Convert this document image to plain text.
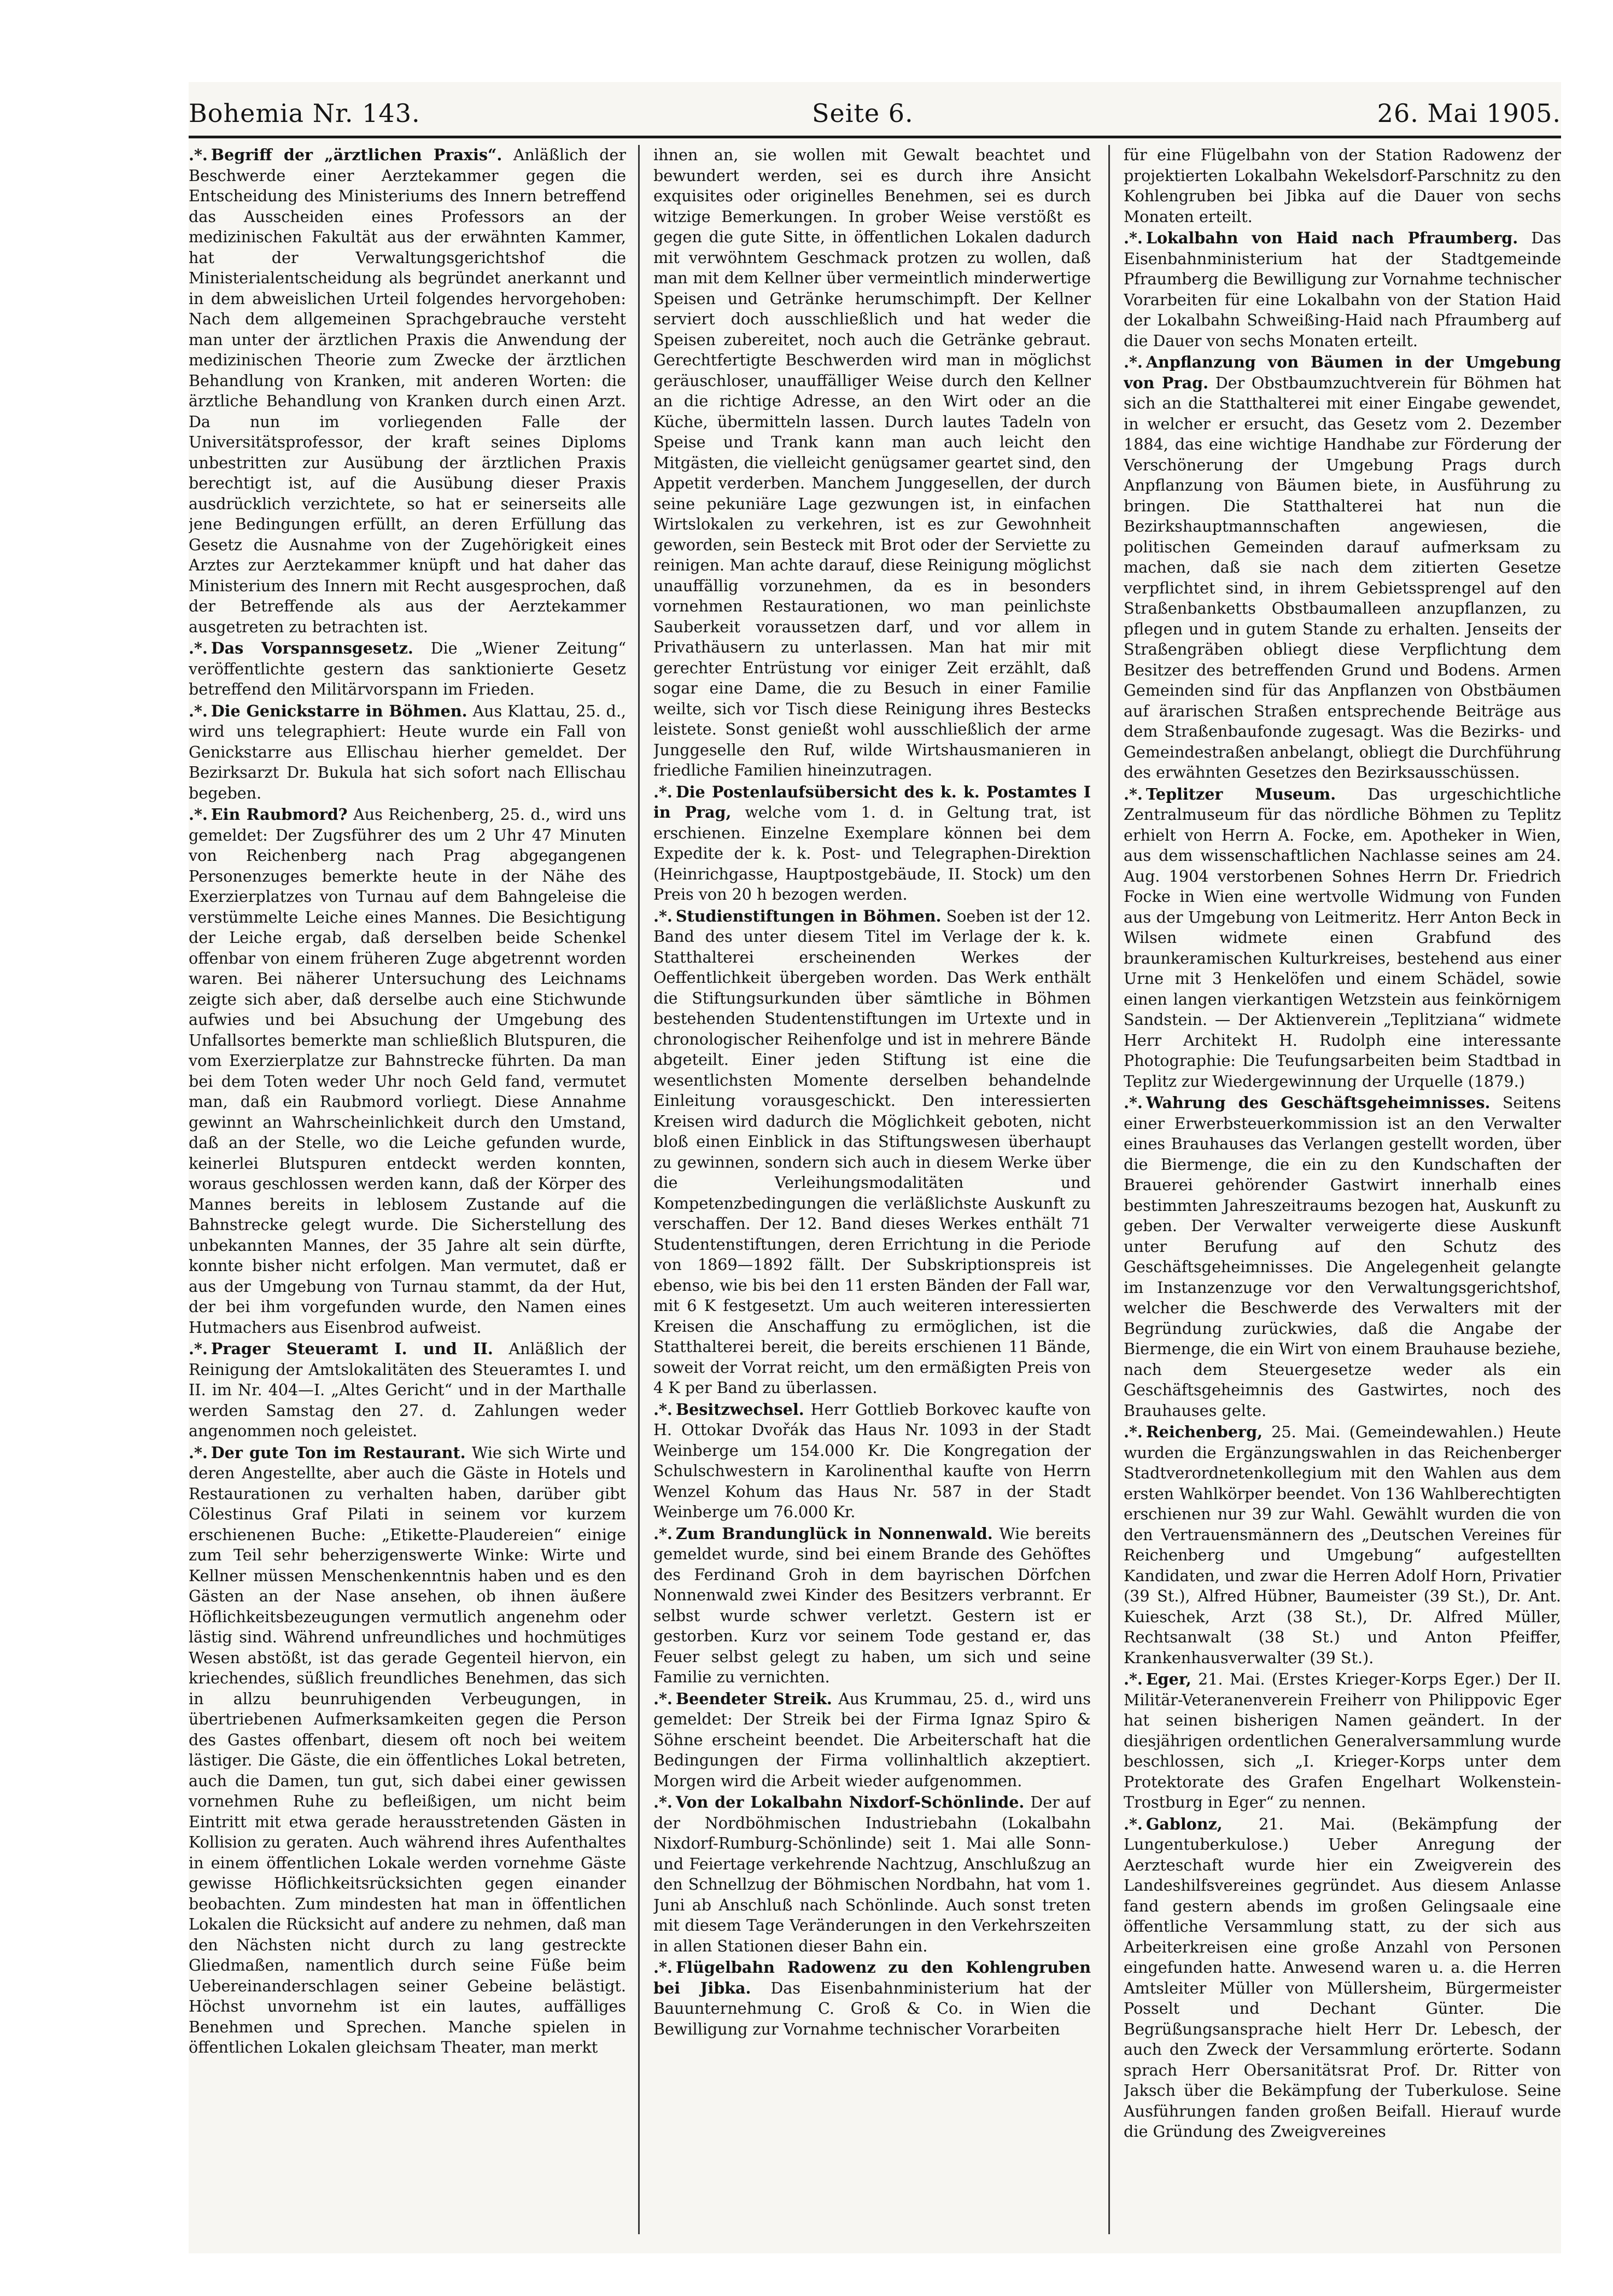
Bohemia Nr. 143.	Seite 6.	26. Mai 1905.

.*. Begriff der „ärztlichen Praxis“. Anläßlich der Beschwerde einer Aerztekammer gegen die Entscheidung des Ministeriums des Innern betreffend das Ausscheiden eines Professors an der medizinischen Fakultät aus der erwähnten Kammer, hat der Verwaltungsgerichtshof die Ministerialentscheidung als begründet anerkannt und in dem abweislichen Urteil folgendes hervorgehoben: Nach dem allgemeinen Sprachgebrauche versteht man unter der ärztlichen Praxis die Anwendung der medizinischen Theorie zum Zwecke der ärztlichen Behandlung von Kranken, mit anderen Worten: die ärztliche Behandlung von Kranken durch einen Arzt. Da nun im vorliegenden Falle der Universitätsprofessor, der kraft seines Diploms unbestritten zur Ausübung der ärztlichen Praxis berechtigt ist, auf die Ausübung dieser Praxis ausdrücklich verzichtete, so hat er seinerseits alle jene Bedingungen erfüllt, an deren Erfüllung das Gesetz die Ausnahme von der Zugehörigkeit eines Arztes zur Aerztekammer knüpft und hat daher das Ministerium des Innern mit Recht ausgesprochen, daß der Betreffende als aus der Aerztekammer ausgetreten zu betrachten ist.

.*. Das Vorspannsgesetz. Die „Wiener Zeitung“ veröffentlichte gestern das sanktionierte Gesetz betreffend den Militärvorspann im Frieden.

.*. Die Genickstarre in Böhmen. Aus Klattau, 25. d., wird uns telegraphiert: Heute wurde ein Fall von Genickstarre aus Ellischau hierher gemeldet. Der Bezirksarzt Dr. Bukula hat sich sofort nach Ellischau begeben.

.*. Ein Raubmord? Aus Reichenberg, 25. d., wird uns gemeldet: Der Zugsführer des um 2 Uhr 47 Minuten von Reichenberg nach Prag abgegangenen Personenzuges bemerkte heute in der Nähe des Exerzierplatzes von Turnau auf dem Bahngeleise die verstümmelte Leiche eines Mannes. Die Besichtigung der Leiche ergab, daß derselben beide Schenkel offenbar von einem früheren Zuge abgetrennt worden waren. Bei näherer Untersuchung des Leichnams zeigte sich aber, daß derselbe auch eine Stichwunde aufwies und bei Absuchung der Umgebung des Unfallsortes bemerkte man schließlich Blutspuren, die vom Exerzierplatze zur Bahnstrecke führten. Da man bei dem Toten weder Uhr noch Geld fand, vermutet man, daß ein Raubmord vorliegt. Diese Annahme gewinnt an Wahrscheinlichkeit durch den Umstand, daß an der Stelle, wo die Leiche gefunden wurde, keinerlei Blutspuren entdeckt werden konnten, woraus geschlossen werden kann, daß der Körper des Mannes bereits in leblosem Zustande auf die Bahnstrecke gelegt wurde. Die Sicherstellung des unbekannten Mannes, der 35 Jahre alt sein dürfte, konnte bisher nicht erfolgen. Man vermutet, daß er aus der Umgebung von Turnau stammt, da der Hut, der bei ihm vorgefunden wurde, den Namen eines Hutmachers aus Eisenbrod aufweist.

.*. Prager Steueramt I. und II. Anläßlich der Reinigung der Amtslokalitäten des Steueramtes I. und II. im Nr. 404—I. „Altes Gericht“ und in der Marthalle werden Samstag den 27. d. Zahlungen weder angenommen noch geleistet.

.*. Der gute Ton im Restaurant. Wie sich Wirte und deren Angestellte, aber auch die Gäste in Hotels und Restaurationen zu verhalten haben, darüber gibt Cölestinus Graf Pilati in seinem vor kurzem erschienenen Buche: „Etikette-Plaudereien“ einige zum Teil sehr beherzigenswerte Winke: Wirte und Kellner müssen Menschenkenntnis haben und es den Gästen an der Nase ansehen, ob ihnen äußere Höflichkeitsbezeugungen vermutlich angenehm oder lästig sind. Während unfreundliches und hochmütiges Wesen abstößt, ist das gerade Gegenteil hiervon, ein kriechendes, süßlich freundliches Benehmen, das sich in allzu beunruhigenden Verbeugungen, in übertriebenen Aufmerksamkeiten gegen die Person des Gastes offenbart, diesem oft noch bei weitem lästiger. Die Gäste, die ein öffentliches Lokal betreten, auch die Damen, tun gut, sich dabei einer gewissen vornehmen Ruhe zu befleißigen, um nicht beim Eintritt mit etwa gerade herausstretenden Gästen in Kollision zu geraten. Auch während ihres Aufenthaltes in einem öffentlichen Lokale werden vornehme Gäste gewisse Höflichkeitsrücksichten gegen einander beobachten. Zum mindesten hat man in öffentlichen Lokalen die Rücksicht auf andere zu nehmen, daß man den Nächsten nicht durch zu lang gestreckte Gliedmaßen, namentlich durch seine Füße beim Uebereinanderschlagen seiner Gebeine belästigt. Höchst unvornehm ist ein lautes, auffälliges Benehmen und Sprechen. Manche spielen in öffentlichen Lokalen gleichsam Theater, man merkt

ihnen an, sie wollen mit Gewalt beachtet und bewundert werden, sei es durch ihre Ansicht exquisites oder originelles Benehmen, sei es durch witzige Bemerkungen. In grober Weise verstößt es gegen die gute Sitte, in öffentlichen Lokalen dadurch mit verwöhntem Geschmack protzen zu wollen, daß man mit dem Kellner über vermeintlich minderwertige Speisen und Getränke herumschimpft. Der Kellner serviert doch ausschließlich und hat weder die Speisen zubereitet, noch auch die Getränke gebraut. Gerechtfertigte Beschwerden wird man in möglichst geräuschloser, unauffälliger Weise durch den Kellner an die richtige Adresse, an den Wirt oder an die Küche, übermitteln lassen. Durch lautes Tadeln von Speise und Trank kann man auch leicht den Mitgästen, die vielleicht genügsamer geartet sind, den Appetit verderben. Manchem Junggesellen, der durch seine pekuniäre Lage gezwungen ist, in einfachen Wirtslokalen zu verkehren, ist es zur Gewohnheit geworden, sein Besteck mit Brot oder der Serviette zu reinigen. Man achte darauf, diese Reinigung möglichst unauffällig vorzunehmen, da es in besonders vornehmen Restaurationen, wo man peinlichste Sauberkeit voraussetzen darf, und vor allem in Privathäusern zu unterlassen. Man hat mir mit gerechter Entrüstung vor einiger Zeit erzählt, daß sogar eine Dame, die zu Besuch in einer Familie weilte, sich vor Tisch diese Reinigung ihres Bestecks leistete. Sonst genießt wohl ausschließlich der arme Junggeselle den Ruf, wilde Wirtshausmanieren in friedliche Familien hineinzutragen.

.*. Die Postenlaufsübersicht des k. k. Postamtes I in Prag, welche vom 1. d. in Geltung trat, ist erschienen. Einzelne Exemplare können bei dem Expedite der k. k. Post- und Telegraphen-Direktion (Heinrichgasse, Hauptpostgebäude, II. Stock) um den Preis von 20 h bezogen werden.

.*. Studienstiftungen in Böhmen. Soeben ist der 12. Band des unter diesem Titel im Verlage der k. k. Statthalterei erscheinenden Werkes der Oeffentlichkeit übergeben worden. Das Werk enthält die Stiftungsurkunden über sämtliche in Böhmen bestehenden Studentenstiftungen im Urtexte und in chronologischer Reihenfolge und ist in mehrere Bände abgeteilt. Einer jeden Stiftung ist eine die wesentlichsten Momente derselben behandelnde Einleitung vorausgeschickt. Den interessierten Kreisen wird dadurch die Möglichkeit geboten, nicht bloß einen Einblick in das Stiftungswesen überhaupt zu gewinnen, sondern sich auch in diesem Werke über die Verleihungsmodalitäten und Kompetenzbedingungen die verläßlichste Auskunft zu verschaffen. Der 12. Band dieses Werkes enthält 71 Studentenstiftungen, deren Errichtung in die Periode von 1869—1892 fällt. Der Subskriptionspreis ist ebenso, wie bis bei den 11 ersten Bänden der Fall war, mit 6 K festgesetzt. Um auch weiteren interessierten Kreisen die Anschaffung zu ermöglichen, ist die Statthalterei bereit, die bereits erschienen 11 Bände, soweit der Vorrat reicht, um den ermäßigten Preis von 4 K per Band zu überlassen.

.*. Besitzwechsel. Herr Gottlieb Borkovec kaufte von H. Ottokar Dvořák das Haus Nr. 1093 in der Stadt Weinberge um 154.000 Kr. Die Kongregation der Schulschwestern in Karolinenthal kaufte von Herrn Wenzel Kohum das Haus Nr. 587 in der Stadt Weinberge um 76.000 Kr.

.*. Zum Brandunglück in Nonnenwald. Wie bereits gemeldet wurde, sind bei einem Brande des Gehöftes des Ferdinand Groh in dem bayrischen Dörfchen Nonnenwald zwei Kinder des Besitzers verbrannt. Er selbst wurde schwer verletzt. Gestern ist er gestorben. Kurz vor seinem Tode gestand er, das Feuer selbst gelegt zu haben, um sich und seine Familie zu vernichten.

.*. Beendeter Streik. Aus Krummau, 25. d., wird uns gemeldet: Der Streik bei der Firma Ignaz Spiro & Söhne erscheint beendet. Die Arbeiterschaft hat die Bedingungen der Firma vollinhaltlich akzeptiert. Morgen wird die Arbeit wieder aufgenommen.

.*. Von der Lokalbahn Nixdorf-Schönlinde. Der auf der Nordböhmischen Industriebahn (Lokalbahn Nixdorf-Rumburg-Schönlinde) seit 1. Mai alle Sonn- und Feiertage verkehrende Nachtzug, Anschlußzug an den Schnellzug der Böhmischen Nordbahn, hat vom 1. Juni ab Anschluß nach Schönlinde. Auch sonst treten mit diesem Tage Veränderungen in den Verkehrszeiten in allen Stationen dieser Bahn ein.

.*. Flügelbahn Radowenz zu den Kohlengruben bei Jibka. Das Eisenbahnministerium hat der Bauunternehmung C. Groß & Co. in Wien die Bewilligung zur Vornahme technischer Vorarbeiten

für eine Flügelbahn von der Station Radowenz der projektierten Lokalbahn Wekelsdorf-Parschnitz zu den Kohlengruben bei Jibka auf die Dauer von sechs Monaten erteilt.

.*. Lokalbahn von Haid nach Pfraumberg. Das Eisenbahnministerium hat der Stadtgemeinde Pfraumberg die Bewilligung zur Vornahme technischer Vorarbeiten für eine Lokalbahn von der Station Haid der Lokalbahn Schweißing-Haid nach Pfraumberg auf die Dauer von sechs Monaten erteilt.

.*. Anpflanzung von Bäumen in der Umgebung von Prag. Der Obstbaumzuchtverein für Böhmen hat sich an die Statthalterei mit einer Eingabe gewendet, in welcher er ersucht, das Gesetz vom 2. Dezember 1884, das eine wichtige Handhabe zur Förderung der Verschönerung der Umgebung Prags durch Anpflanzung von Bäumen biete, in Ausführung zu bringen. Die Statthalterei hat nun die Bezirkshauptmannschaften angewiesen, die politischen Gemeinden darauf aufmerksam zu machen, daß sie nach dem zitierten Gesetze verpflichtet sind, in ihrem Gebietssprengel auf den Straßenbanketts Obstbaumalleen anzupflanzen, zu pflegen und in gutem Stande zu erhalten. Jenseits der Straßengräben obliegt diese Verpflichtung dem Besitzer des betreffenden Grund und Bodens. Armen Gemeinden sind für das Anpflanzen von Obstbäumen auf ärarischen Straßen entsprechende Beiträge aus dem Straßenbaufonde zugesagt. Was die Bezirks- und Gemeindestraßen anbelangt, obliegt die Durchführung des erwähnten Gesetzes den Bezirksausschüssen.

.*. Teplitzer Museum. Das urgeschichtliche Zentralmuseum für das nördliche Böhmen zu Teplitz erhielt von Herrn A. Focke, em. Apotheker in Wien, aus dem wissenschaftlichen Nachlasse seines am 24. Aug. 1904 verstorbenen Sohnes Herrn Dr. Friedrich Focke in Wien eine wertvolle Widmung von Funden aus der Umgebung von Leitmeritz. Herr Anton Beck in Wilsen widmete einen Grabfund des braunkeramischen Kulturkreises, bestehend aus einer Urne mit 3 Henkelöfen und einem Schädel, sowie einen langen vierkantigen Wetzstein aus feinkörnigem Sandstein. — Der Aktienverein „Teplitziana“ widmete Herr Architekt H. Rudolph eine interessante Photographie: Die Teufungsarbeiten beim Stadtbad in Teplitz zur Wiedergewinnung der Urquelle (1879.)

.*. Wahrung des Geschäftsgeheimnisses. Seitens einer Erwerbsteuerkommission ist an den Verwalter eines Brauhauses das Verlangen gestellt worden, über die Biermenge, die ein zu den Kundschaften der Brauerei gehörender Gastwirt innerhalb eines bestimmten Jahreszeitraums bezogen hat, Auskunft zu geben. Der Verwalter verweigerte diese Auskunft unter Berufung auf den Schutz des Geschäftsgeheimnisses. Die Angelegenheit gelangte im Instanzenzuge vor den Verwaltungsgerichtshof, welcher die Beschwerde des Verwalters mit der Begründung zurückwies, daß die Angabe der Biermenge, die ein Wirt von einem Brauhause beziehe, nach dem Steuergesetze weder als ein Geschäftsgeheimnis des Gastwirtes, noch des Brauhauses gelte.

.*. Reichenberg, 25. Mai. (Gemeindewahlen.) Heute wurden die Ergänzungswahlen in das Reichenberger Stadtverordnetenkollegium mit den Wahlen aus dem ersten Wahlkörper beendet. Von 136 Wahlberechtigten erschienen nur 39 zur Wahl. Gewählt wurden die von den Vertrauensmännern des „Deutschen Vereines für Reichenberg und Umgebung“ aufgestellten Kandidaten, und zwar die Herren Adolf Horn, Privatier (39 St.), Alfred Hübner, Baumeister (39 St.), Dr. Ant. Kuieschek, Arzt (38 St.), Dr. Alfred Müller, Rechtsanwalt (38 St.) und Anton Pfeiffer, Krankenhausverwalter (39 St.).

.*. Eger, 21. Mai. (Erstes Krieger-Korps Eger.) Der II. Militär-Veteranenverein Freiherr von Philippovic Eger hat seinen bisherigen Namen geändert. In der diesjährigen ordentlichen Generalversammlung wurde beschlossen, sich „I. Krieger-Korps unter dem Protektorate des Grafen Engelhart Wolkenstein-Trostburg in Eger“ zu nennen.

.*. Gablonz, 21. Mai. (Bekämpfung der Lungentuberkulose.) Ueber Anregung der Aerzteschaft wurde hier ein Zweigverein des Landeshilfsvereines gegründet. Aus diesem Anlasse fand gestern abends im großen Gelingsaale eine öffentliche Versammlung statt, zu der sich aus Arbeiterkreisen eine große Anzahl von Personen eingefunden hatte. Anwesend waren u. a. die Herren Amtsleiter Müller von Müllersheim, Bürgermeister Posselt und Dechant Günter. Die Begrüßungsansprache hielt Herr Dr. Lebesch, der auch den Zweck der Versammlung erörterte. Sodann sprach Herr Obersanitätsrat Prof. Dr. Ritter von Jaksch über die Bekämpfung der Tuberkulose. Seine Ausführungen fanden großen Beifall. Hierauf wurde die Gründung des Zweigvereines
